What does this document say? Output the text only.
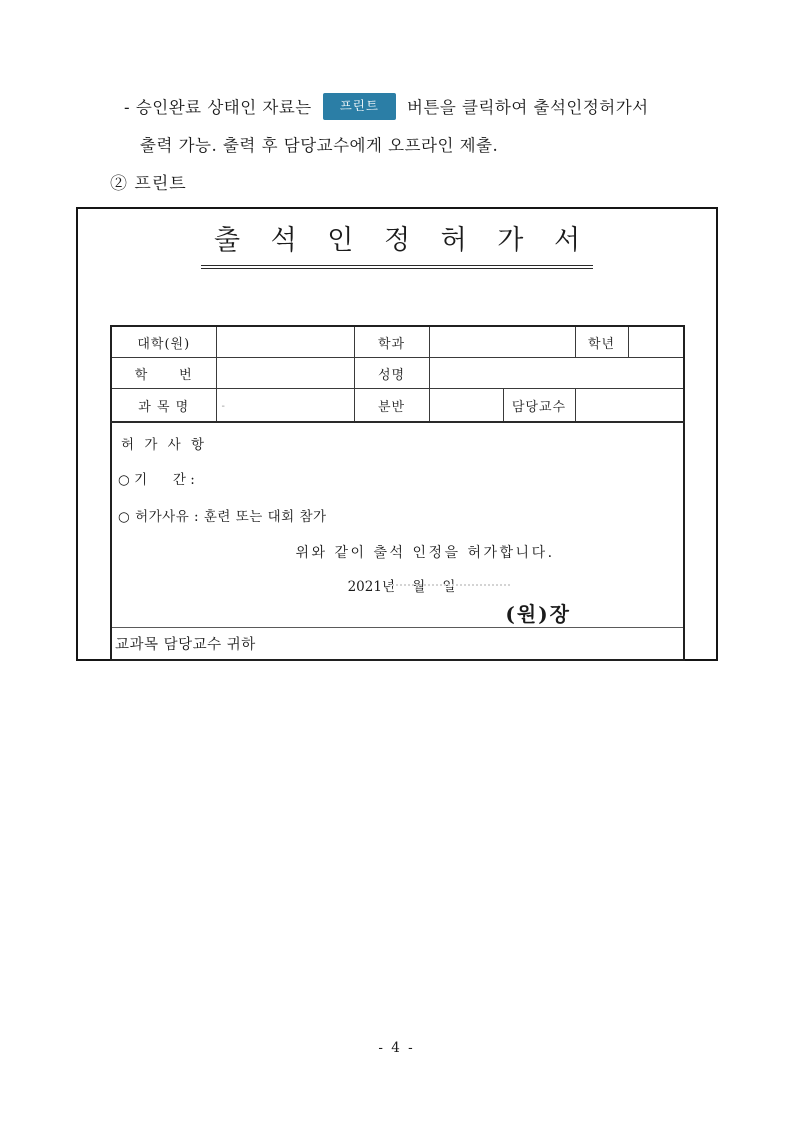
- 승인완료 상태인 자료는	프린트	버튼을 클릭하여 출석인정허가서
출력 가능. 출력 후 담당교수에게 오프라인 제출.
② 프린트
출 석 인 정 허 가 서
대학(원)		학과			학년	
학      번		성명				
과 목 명	-	분반		담당교수		

허 가 사 항
○ 기      간 :
○ 허가사유 : 훈련 또는 대회 참가
위와 같이 출석 인정을 허가합니다.
2021년    월    일
(원)장

교과목 담당교수 귀하						
- 4 -
